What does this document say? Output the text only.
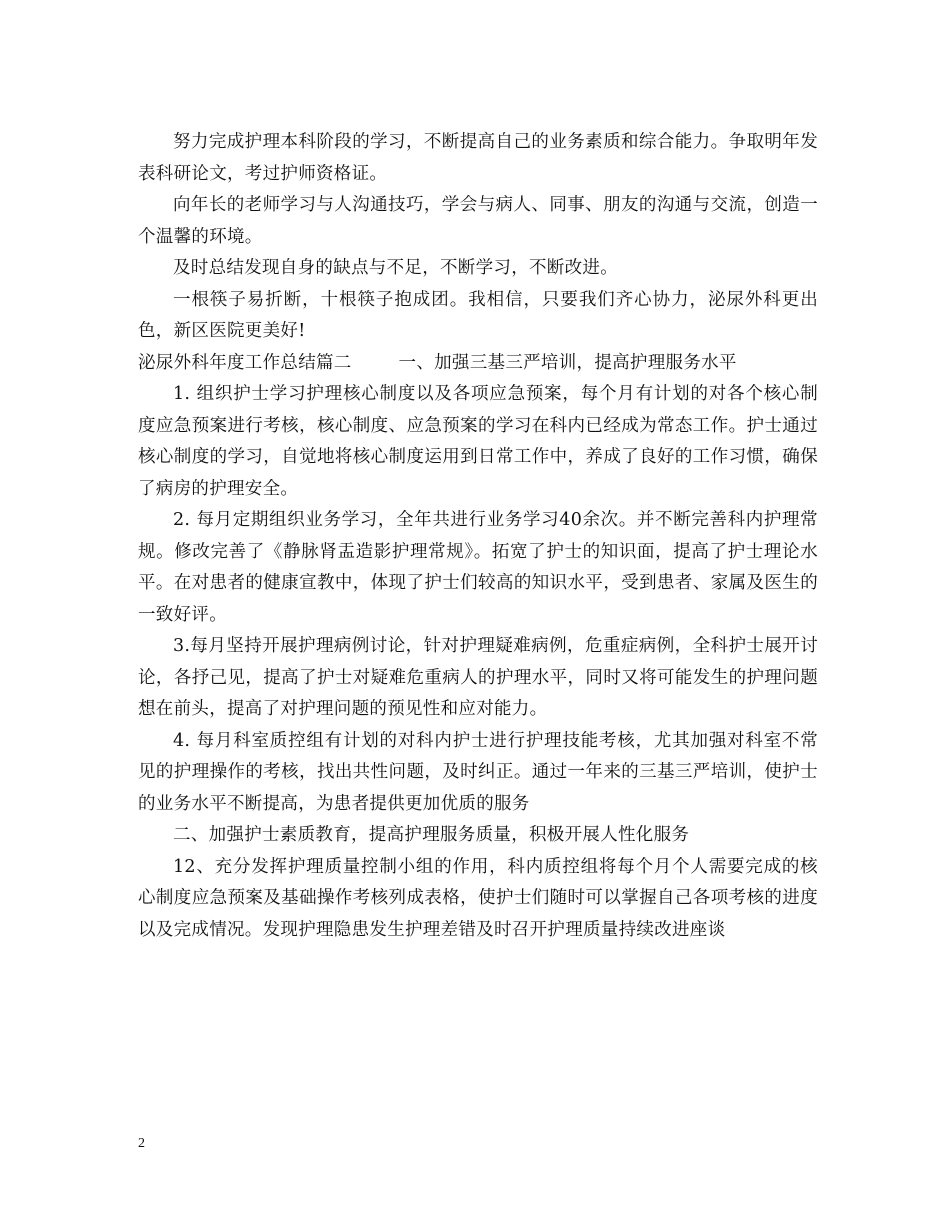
努力完成护理本科阶段的学习，不断提高自己的业务素质和综合能力。争取明年发表科研论文，考过护师资格证。

向年长的老师学习与人沟通技巧，学会与病人、同事、朋友的沟通与交流，创造一个温馨的环境。

及时总结发现自身的缺点与不足，不断学习，不断改进。

一根筷子易折断，十根筷子抱成团。我相信，只要我们齐心协力，泌尿外科更出色，新区医院更美好!

泌尿外科年度工作总结篇二	一、加强三基三严培训，提高护理服务水平

1. 组织护士学习护理核心制度以及各项应急预案，每个月有计划的对各个核心制度应急预案进行考核，核心制度、应急预案的学习在科内已经成为常态工作。护士通过核心制度的学习，自觉地将核心制度运用到日常工作中，养成了良好的工作习惯，确保了病房的护理安全。

2. 每月定期组织业务学习，全年共进行业务学习40余次。并不断完善科内护理常规。修改完善了《静脉肾盂造影护理常规》。拓宽了护士的知识面，提高了护士理论水平。在对患者的健康宣教中，体现了护士们较高的知识水平，受到患者、家属及医生的一致好评。

3.每月坚持开展护理病例讨论，针对护理疑难病例，危重症病例，全科护士展开讨论，各抒己见，提高了护士对疑难危重病人的护理水平，同时又将可能发生的护理问题想在前头，提高了对护理问题的预见性和应对能力。

4. 每月科室质控组有计划的对科内护士进行护理技能考核，尤其加强对科室不常见的护理操作的考核，找出共性问题，及时纠正。通过一年来的三基三严培训，使护士的业务水平不断提高，为患者提供更加优质的服务

二、加强护士素质教育，提高护理服务质量，积极开展人性化服务

12、充分发挥护理质量控制小组的作用，科内质控组将每个月个人需要完成的核心制度应急预案及基础操作考核列成表格，使护士们随时可以掌握自己各项考核的进度以及完成情况。发现护理隐患发生护理差错及时召开护理质量持续改进座谈

2
